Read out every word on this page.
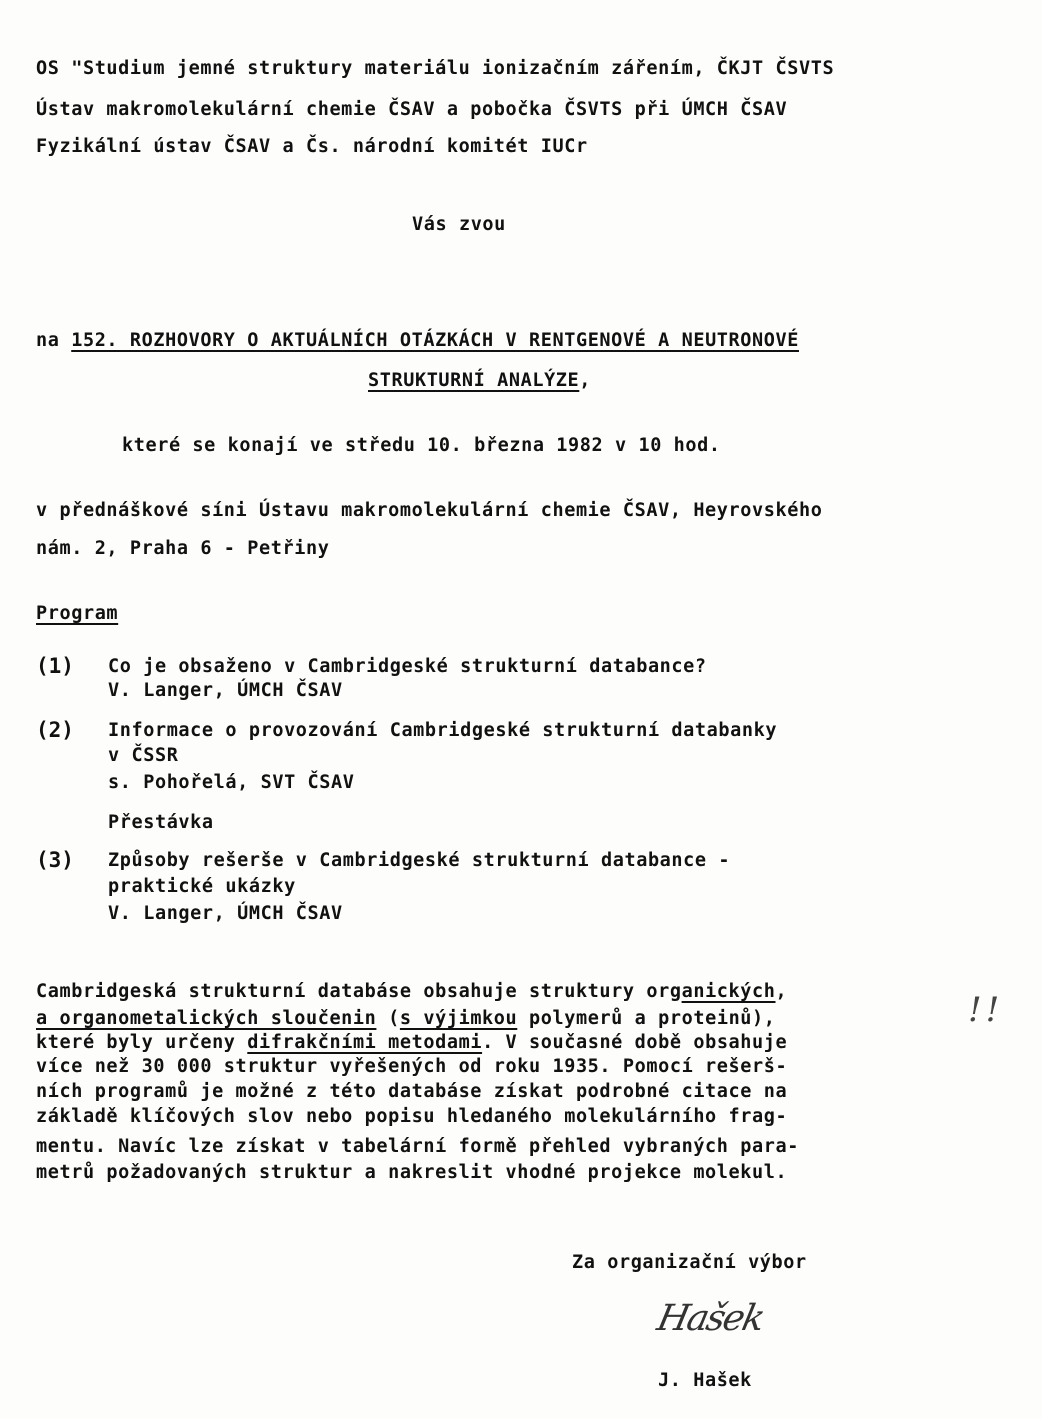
OS "Studium jemné struktury materiálu ionizačním zářením, ČKJT ČSVTS
Ústav makromolekulární chemie ČSAV a pobočka ČSVTS při ÚMCH ČSAV
Fyzikální ústav ČSAV a Čs. národní komitét IUCr
Vás zvou
na 152. ROZHOVORY O AKTUÁLNÍCH OTÁZKÁCH V RENTGENOVÉ A NEUTRONOVÉ
STRUKTURNÍ ANALÝZE,
které se konají ve středu 10. března 1982 v 10 hod.
v přednáškové síni Ústavu makromolekulární chemie ČSAV, Heyrovského
nám. 2, Praha 6 - Petřiny
Program
(1) Co je obsaženo v Cambridgeské strukturní databance?
V. Langer, ÚMCH ČSAV
(2) Informace o provozování Cambridgeské strukturní databanky
v ČSSR
s. Pohořelá, SVT ČSAV
Přestávka
(3) Způsoby rešerše v Cambridgeské strukturní databance -
praktické ukázky
V. Langer, ÚMCH ČSAV
Cambridgeská strukturní databáse obsahuje struktury organických,
a organometalických sloučenin (s výjimkou polymerů a proteinů),
které byly určeny difrakčními metodami. V současné době obsahuje
více než 30 000 struktur vyřešených od roku 1935. Pomocí rešerš-
ních programů je možné z této databáse získat podrobné citace na
základě klíčových slov nebo popisu hledaného molekulárního frag-
mentu. Navíc lze získat v tabelární formě přehled vybraných para-
metrů požadovaných struktur a nakreslit vhodné projekce molekul.
!!
Za organizační výbor
Hašek
J. Hašek
